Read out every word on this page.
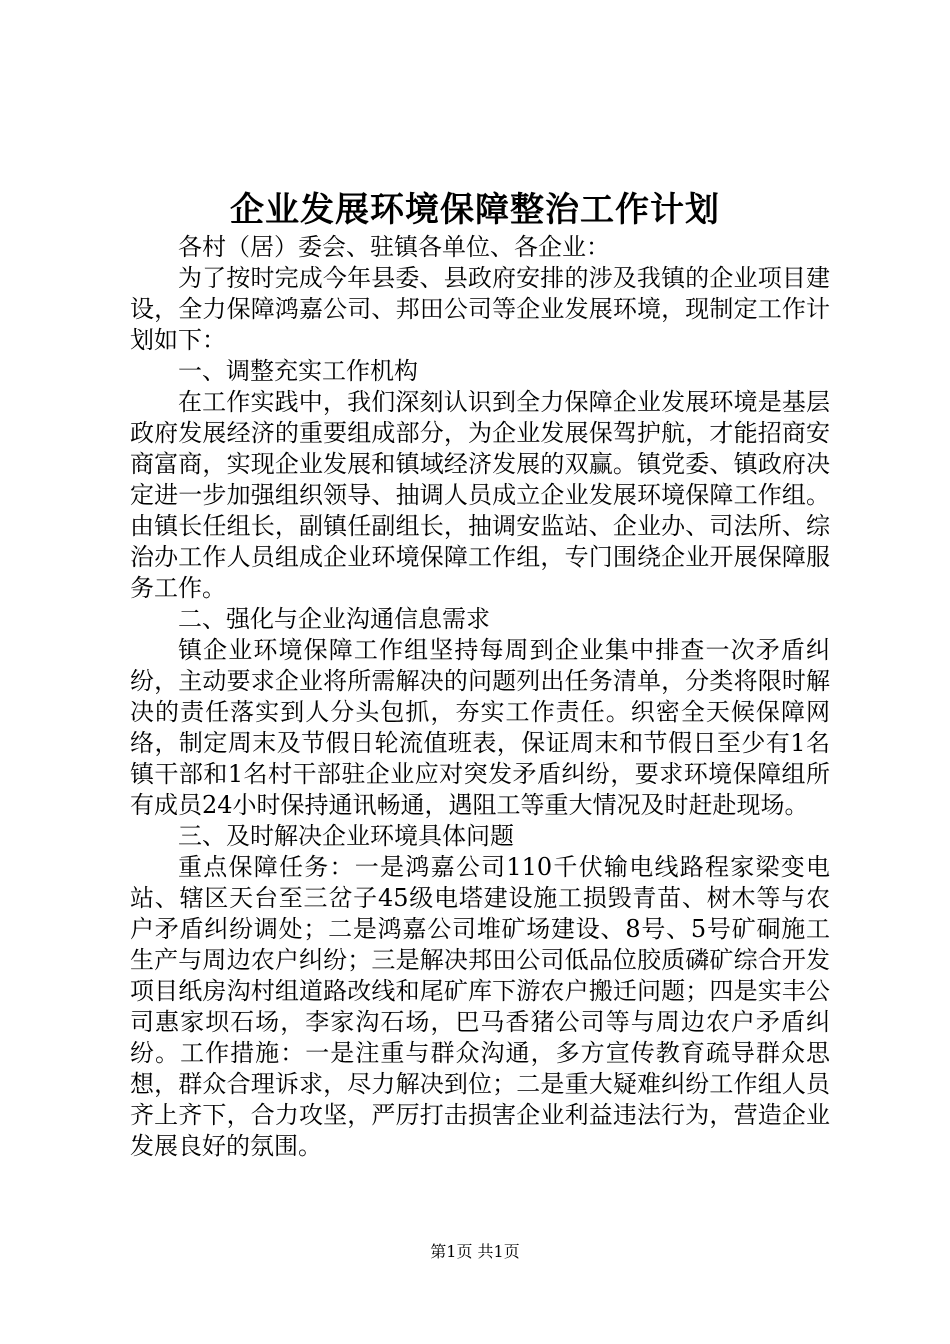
企业发展环境保障整治工作计划

各村（居）委会、驻镇各单位、各企业：

为了按时完成今年县委、县政府安排的涉及我镇的企业项目建设，全力保障鸿嘉公司、邦田公司等企业发展环境，现制定工作计划如下：

一、调整充实工作机构

在工作实践中，我们深刻认识到全力保障企业发展环境是基层政府发展经济的重要组成部分，为企业发展保驾护航，才能招商安商富商，实现企业发展和镇域经济发展的双赢。镇党委、镇政府决定进一步加强组织领导、抽调人员成立企业发展环境保障工作组。由镇长任组长，副镇任副组长，抽调安监站、企业办、司法所、综治办工作人员组成企业环境保障工作组，专门围绕企业开展保障服务工作。

二、强化与企业沟通信息需求

镇企业环境保障工作组坚持每周到企业集中排查一次矛盾纠纷，主动要求企业将所需解决的问题列出任务清单，分类将限时解决的责任落实到人分头包抓，夯实工作责任。织密全天候保障网络，制定周末及节假日轮流值班表，保证周末和节假日至少有1名镇干部和1名村干部驻企业应对突发矛盾纠纷，要求环境保障组所有成员24小时保持通讯畅通，遇阻工等重大情况及时赶赴现场。

三、及时解决企业环境具体问题

重点保障任务：一是鸿嘉公司110千伏输电线路程家梁变电站、辖区天台至三岔子45级电塔建设施工损毁青苗、树木等与农户矛盾纠纷调处；二是鸿嘉公司堆矿场建设、8号、5号矿硐施工生产与周边农户纠纷；三是解决邦田公司低品位胶质磷矿综合开发项目纸房沟村组道路改线和尾矿库下游农户搬迁问题；四是实丰公司惠家坝石场，李家沟石场，巴马香猪公司等与周边农户矛盾纠纷。工作措施：一是注重与群众沟通，多方宣传教育疏导群众思想，群众合理诉求，尽力解决到位；二是重大疑难纠纷工作组人员齐上齐下，合力攻坚，严厉打击损害企业利益违法行为，营造企业发展良好的氛围。

第1页 共1页
